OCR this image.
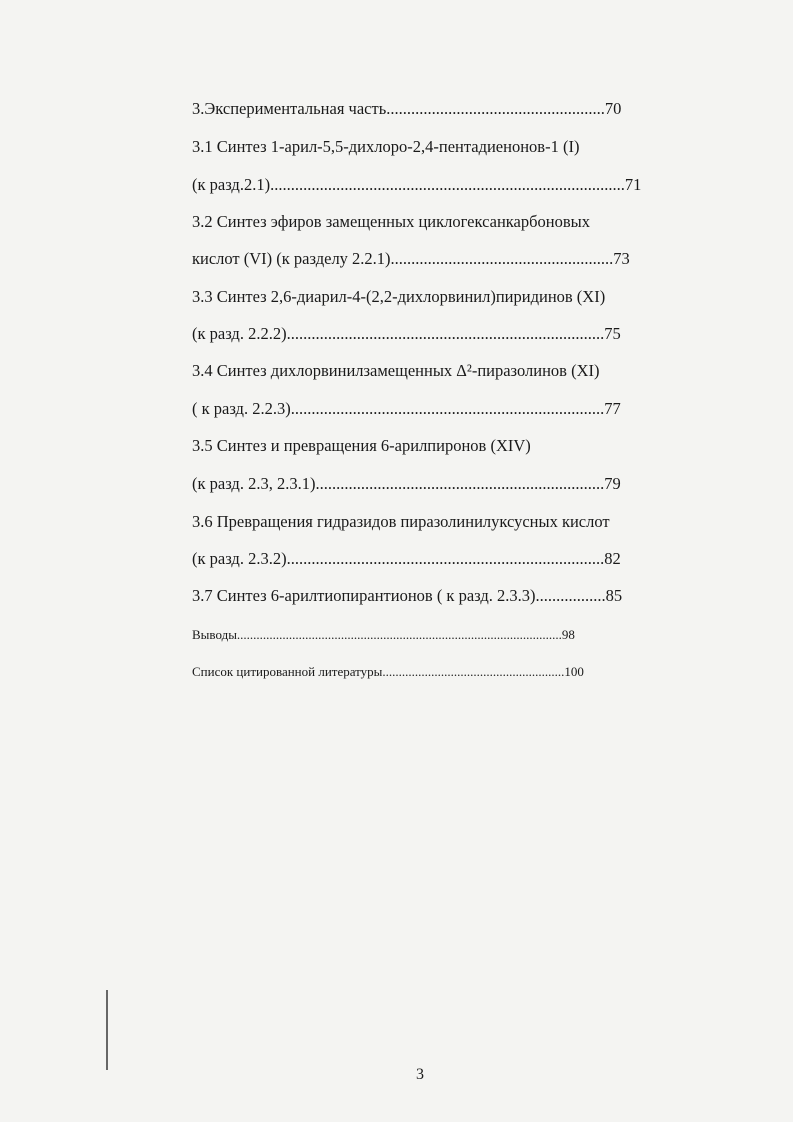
3.Экспериментальная часть.....................................................70
3.1 Синтез 1-арил-5,5-дихлоро-2,4-пентадиенонов-1 (I)
(к разд.2.1)......................................................................................71
3.2 Синтез эфиров замещенных циклогексанкарбоновых
кислот (VI) (к разделу 2.2.1)......................................................73
3.3 Синтез 2,6-диарил-4-(2,2-дихлорвинил)пиридинов (XI)
(к разд. 2.2.2).............................................................................75
3.4 Синтез дихлорвинилзамещенных Δ²-пиразолинов (XI)
( к разд. 2.2.3)............................................................................77
3.5 Синтез и превращения 6-арилпиронов (XIV)
(к разд. 2.3, 2.3.1)......................................................................79
3.6 Превращения гидразидов пиразолинилуксусных кислот
(к разд. 2.3.2).............................................................................82
3.7 Синтез 6-арилтиопирантионов ( к разд. 2.3.3).................85
Выводы....................................................................................................98
Список цитированной литературы........................................................100
3
